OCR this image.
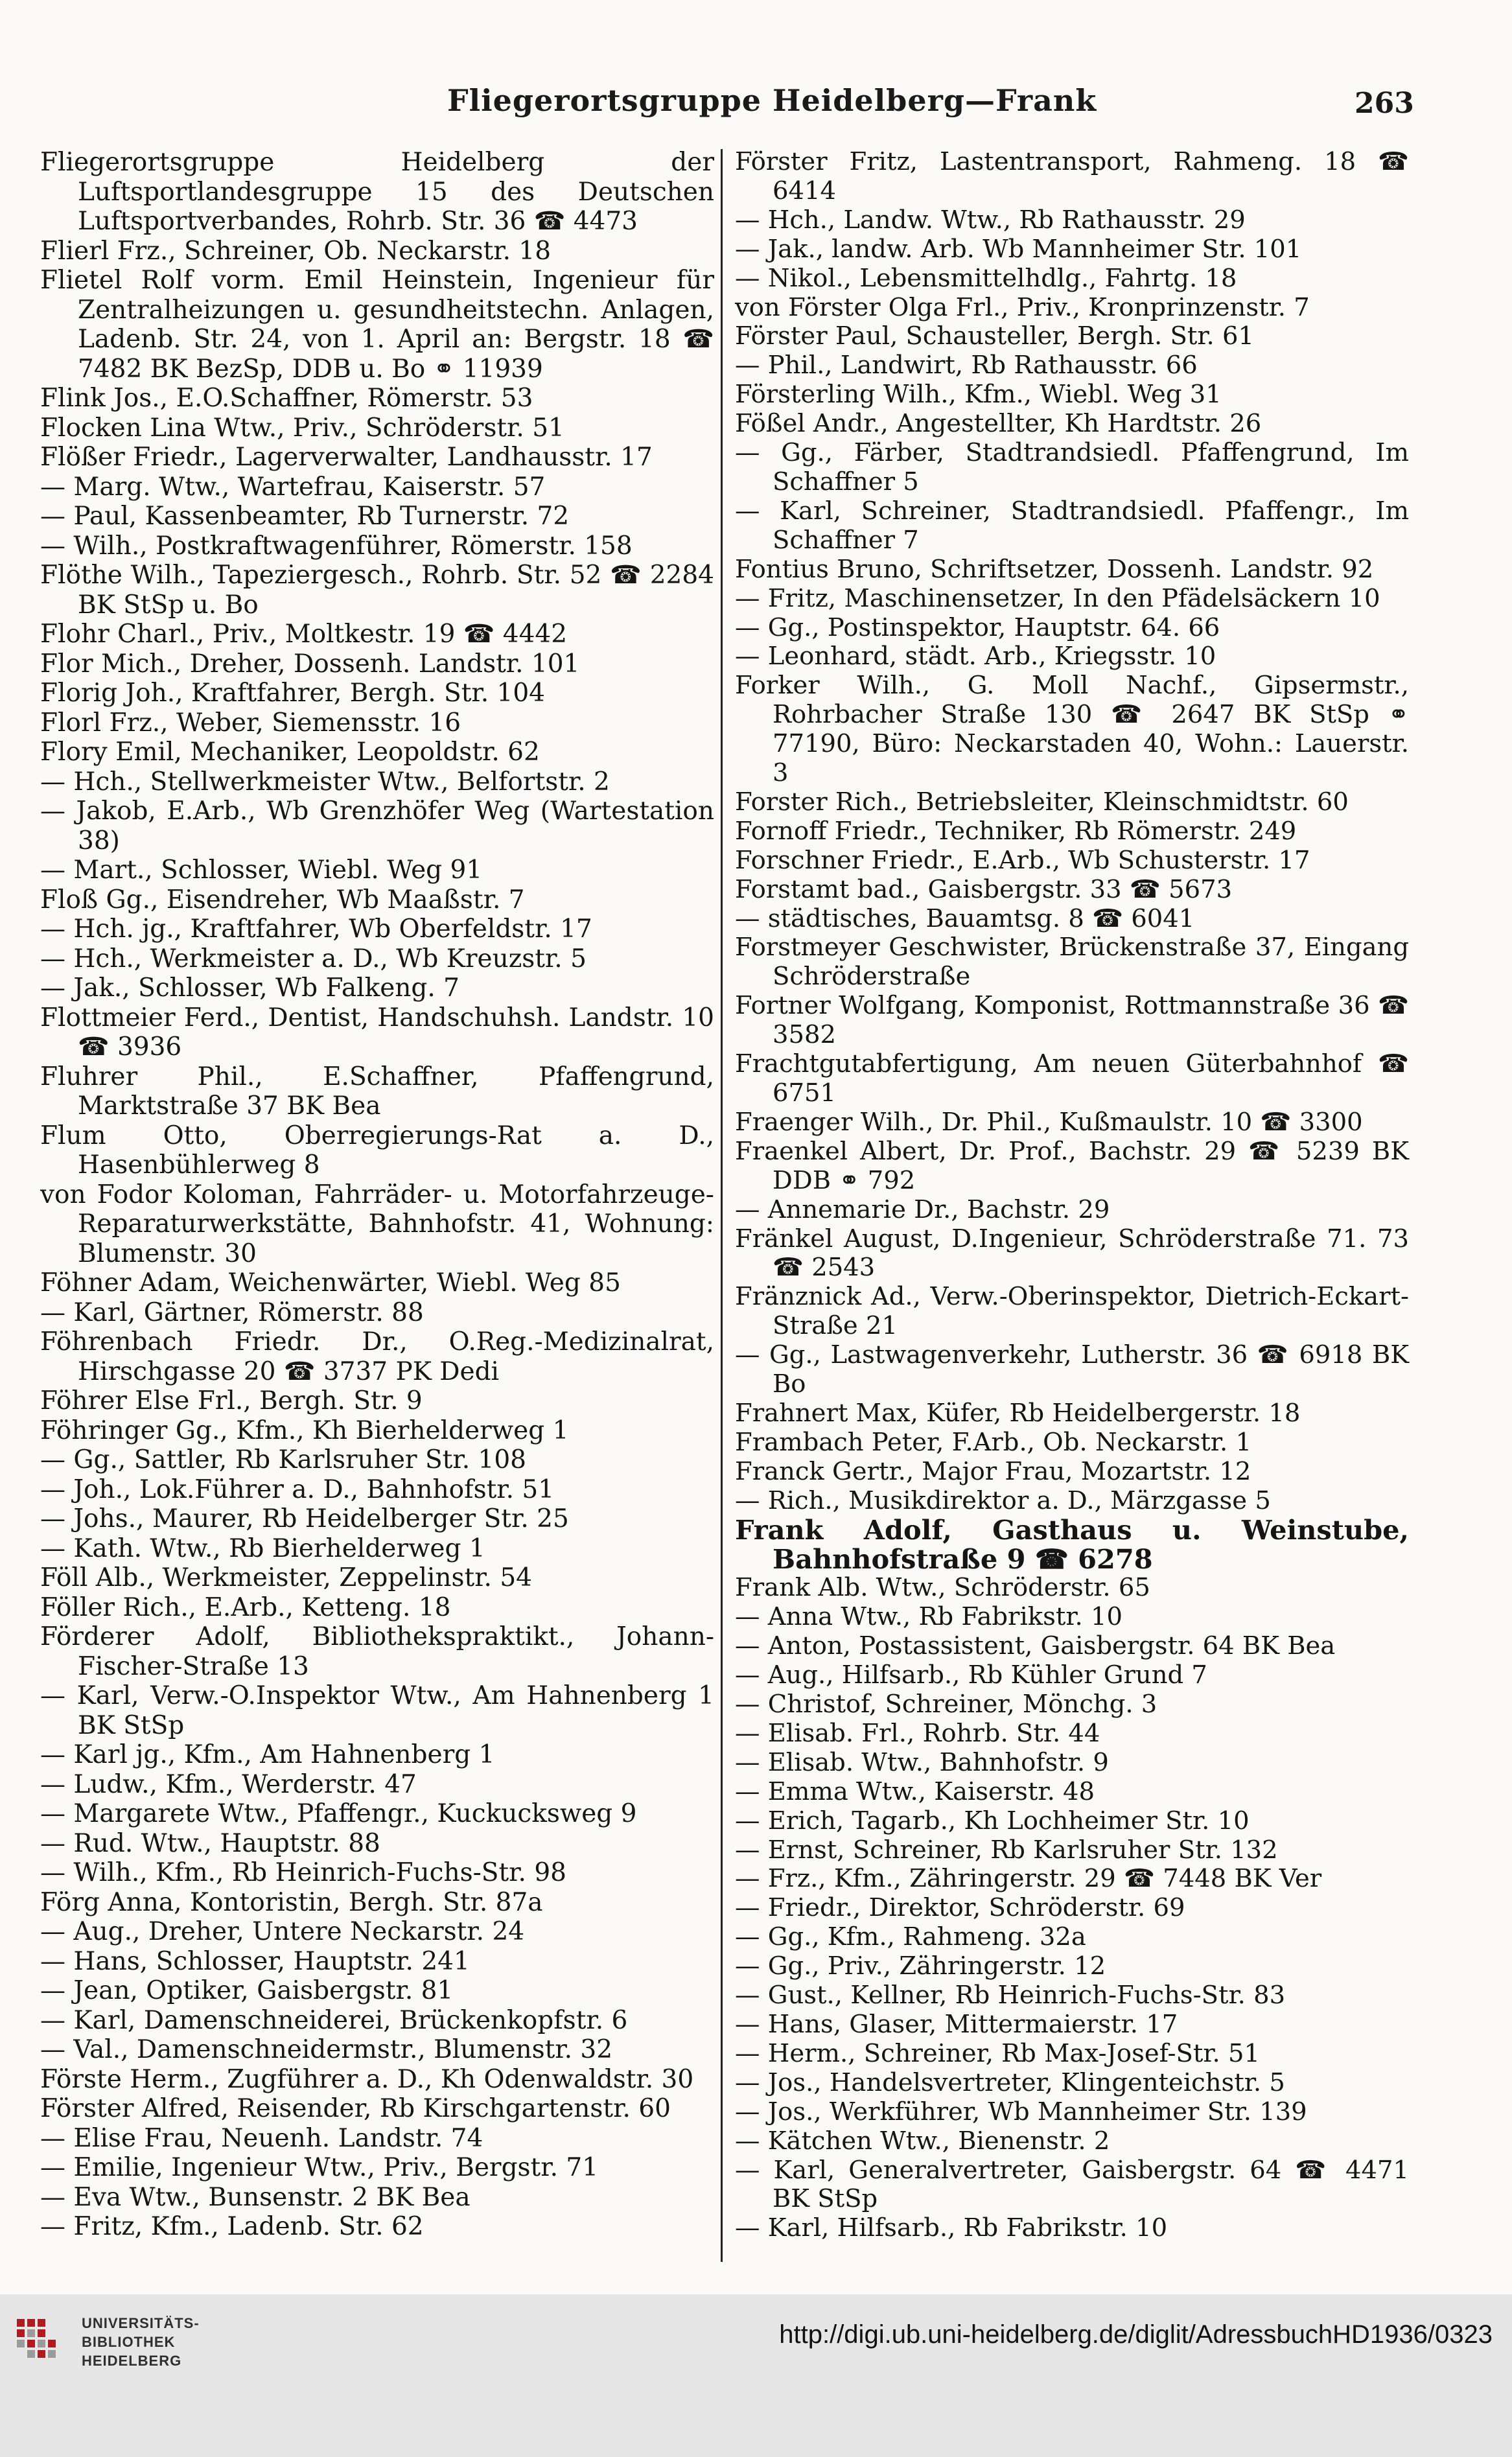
Fliegerortsgruppe Heidelberg—Frank	263

Fliegerortsgruppe Heidelberg der Luftsportlandesgruppe 15 des Deutschen Luftsportverbandes, Rohrb. Str. 36 ☎ 4473

Flierl Frz., Schreiner, Ob. Neckarstr. 18

Flietel Rolf vorm. Emil Heinstein, Ingenieur für Zentralheizungen u. gesundheitstechn. Anlagen, Ladenb. Str. 24, von 1. April an: Bergstr. 18 ☎ 7482 BK BezSp, DDB u. Bo ⚭ 11939

Flink Jos., E.O.Schaffner, Römerstr. 53

Flocken Lina Wtw., Priv., Schröderstr. 51

Flößer Friedr., Lagerverwalter, Landhausstr. 17

— Marg. Wtw., Wartefrau, Kaiserstr. 57

— Paul, Kassenbeamter, Rb Turnerstr. 72

— Wilh., Postkraftwagenführer, Römerstr. 158

Flöthe Wilh., Tapeziergesch., Rohrb. Str. 52 ☎ 2284 BK StSp u. Bo

Flohr Charl., Priv., Moltkestr. 19 ☎ 4442

Flor Mich., Dreher, Dossenh. Landstr. 101

Florig Joh., Kraftfahrer, Bergh. Str. 104

Florl Frz., Weber, Siemensstr. 16

Flory Emil, Mechaniker, Leopoldstr. 62

— Hch., Stellwerkmeister Wtw., Belfortstr. 2

— Jakob, E.Arb., Wb Grenzhöfer Weg (Wartestation 38)

— Mart., Schlosser, Wiebl. Weg 91

Floß Gg., Eisendreher, Wb Maaßstr. 7

— Hch. jg., Kraftfahrer, Wb Oberfeldstr. 17

— Hch., Werkmeister a. D., Wb Kreuzstr. 5

— Jak., Schlosser, Wb Falkeng. 7

Flottmeier Ferd., Dentist, Handschuhsh. Landstr. 10 ☎ 3936

Fluhrer Phil., E.Schaffner, Pfaffengrund, Marktstraße 37 BK Bea

Flum Otto, Oberregierungs-Rat a. D., Hasenbühlerweg 8

von Fodor Koloman, Fahrräder- u. Motorfahrzeuge-Reparaturwerkstätte, Bahnhofstr. 41, Wohnung: Blumenstr. 30

Föhner Adam, Weichenwärter, Wiebl. Weg 85

— Karl, Gärtner, Römerstr. 88

Föhrenbach Friedr. Dr., O.Reg.-Medizinalrat, Hirschgasse 20 ☎ 3737 PK Dedi

Föhrer Else Frl., Bergh. Str. 9

Föhringer Gg., Kfm., Kh Bierhelderweg 1

— Gg., Sattler, Rb Karlsruher Str. 108

— Joh., Lok.Führer a. D., Bahnhofstr. 51

— Johs., Maurer, Rb Heidelberger Str. 25

— Kath. Wtw., Rb Bierhelderweg 1

Föll Alb., Werkmeister, Zeppelinstr. 54

Föller Rich., E.Arb., Ketteng. 18

Förderer Adolf, Bibliothekspraktikt., Johann-Fischer-Straße 13

— Karl, Verw.-O.Inspektor Wtw., Am Hahnenberg 1 BK StSp

— Karl jg., Kfm., Am Hahnenberg 1

— Ludw., Kfm., Werderstr. 47

— Margarete Wtw., Pfaffengr., Kuckucksweg 9

— Rud. Wtw., Hauptstr. 88

— Wilh., Kfm., Rb Heinrich-Fuchs-Str. 98

Förg Anna, Kontoristin, Bergh. Str. 87a

— Aug., Dreher, Untere Neckarstr. 24

— Hans, Schlosser, Hauptstr. 241

— Jean, Optiker, Gaisbergstr. 81

— Karl, Damenschneiderei, Brückenkopfstr. 6

— Val., Damenschneidermstr., Blumenstr. 32

Förste Herm., Zugführer a. D., Kh Odenwaldstr. 30

Förster Alfred, Reisender, Rb Kirschgartenstr. 60

— Elise Frau, Neuenh. Landstr. 74

— Emilie, Ingenieur Wtw., Priv., Bergstr. 71

— Eva Wtw., Bunsenstr. 2 BK Bea

— Fritz, Kfm., Ladenb. Str. 62

Förster Fritz, Lastentransport, Rahmeng. 18 ☎ 6414

— Hch., Landw. Wtw., Rb Rathausstr. 29

— Jak., landw. Arb. Wb Mannheimer Str. 101

— Nikol., Lebensmittelhdlg., Fahrtg. 18

von Förster Olga Frl., Priv., Kronprinzenstr. 7

Förster Paul, Schausteller, Bergh. Str. 61

— Phil., Landwirt, Rb Rathausstr. 66

Försterling Wilh., Kfm., Wiebl. Weg 31

Fößel Andr., Angestellter, Kh Hardtstr. 26

— Gg., Färber, Stadtrandsiedl. Pfaffengrund, Im Schaffner 5

— Karl, Schreiner, Stadtrandsiedl. Pfaffengr., Im Schaffner 7

Fontius Bruno, Schriftsetzer, Dossenh. Landstr. 92

— Fritz, Maschinensetzer, In den Pfädelsäckern 10

— Gg., Postinspektor, Hauptstr. 64. 66

— Leonhard, städt. Arb., Kriegsstr. 10

Forker Wilh., G. Moll Nachf., Gipsermstr., Rohrbacher Straße 130 ☎ 2647 BK StSp ⚭ 77190, Büro: Neckarstaden 40, Wohn.: Lauerstr. 3

Forster Rich., Betriebsleiter, Kleinschmidtstr. 60

Fornoff Friedr., Techniker, Rb Römerstr. 249

Forschner Friedr., E.Arb., Wb Schusterstr. 17

Forstamt bad., Gaisbergstr. 33 ☎ 5673

— städtisches, Bauamtsg. 8 ☎ 6041

Forstmeyer Geschwister, Brückenstraße 37, Eingang Schröderstraße

Fortner Wolfgang, Komponist, Rottmannstraße 36 ☎ 3582

Frachtgutabfertigung, Am neuen Güterbahnhof ☎ 6751

Fraenger Wilh., Dr. Phil., Kußmaulstr. 10 ☎ 3300

Fraenkel Albert, Dr. Prof., Bachstr. 29 ☎ 5239 BK DDB ⚭ 792

— Annemarie Dr., Bachstr. 29

Fränkel August, D.Ingenieur, Schröderstraße 71. 73 ☎ 2543

Fränznick Ad., Verw.-Oberinspektor, Dietrich-Eckart-Straße 21

— Gg., Lastwagenverkehr, Lutherstr. 36 ☎ 6918 BK Bo

Frahnert Max, Küfer, Rb Heidelbergerstr. 18

Frambach Peter, F.Arb., Ob. Neckarstr. 1

Franck Gertr., Major Frau, Mozartstr. 12

— Rich., Musikdirektor a. D., Märzgasse 5

Frank Adolf, Gasthaus u. Weinstube, Bahnhofstraße 9 ☎ 6278

Frank Alb. Wtw., Schröderstr. 65

— Anna Wtw., Rb Fabrikstr. 10

— Anton, Postassistent, Gaisbergstr. 64 BK Bea

— Aug., Hilfsarb., Rb Kühler Grund 7

— Christof, Schreiner, Mönchg. 3

— Elisab. Frl., Rohrb. Str. 44

— Elisab. Wtw., Bahnhofstr. 9

— Emma Wtw., Kaiserstr. 48

— Erich, Tagarb., Kh Lochheimer Str. 10

— Ernst, Schreiner, Rb Karlsruher Str. 132

— Frz., Kfm., Zähringerstr. 29 ☎ 7448 BK Ver

— Friedr., Direktor, Schröderstr. 69

— Gg., Kfm., Rahmeng. 32a

— Gg., Priv., Zähringerstr. 12

— Gust., Kellner, Rb Heinrich-Fuchs-Str. 83

— Hans, Glaser, Mittermaierstr. 17

— Herm., Schreiner, Rb Max-Josef-Str. 51

— Jos., Handelsvertreter, Klingenteichstr. 5

— Jos., Werkführer, Wb Mannheimer Str. 139

— Kätchen Wtw., Bienenstr. 2

— Karl, Generalvertreter, Gaisbergstr. 64 ☎ 4471 BK StSp

— Karl, Hilfsarb., Rb Fabrikstr. 10

UNIVERSITÄTS-
BIBLIOTHEK
HEIDELBERG
http://digi.ub.uni-heidelberg.de/diglit/AdressbuchHD1936/0323
